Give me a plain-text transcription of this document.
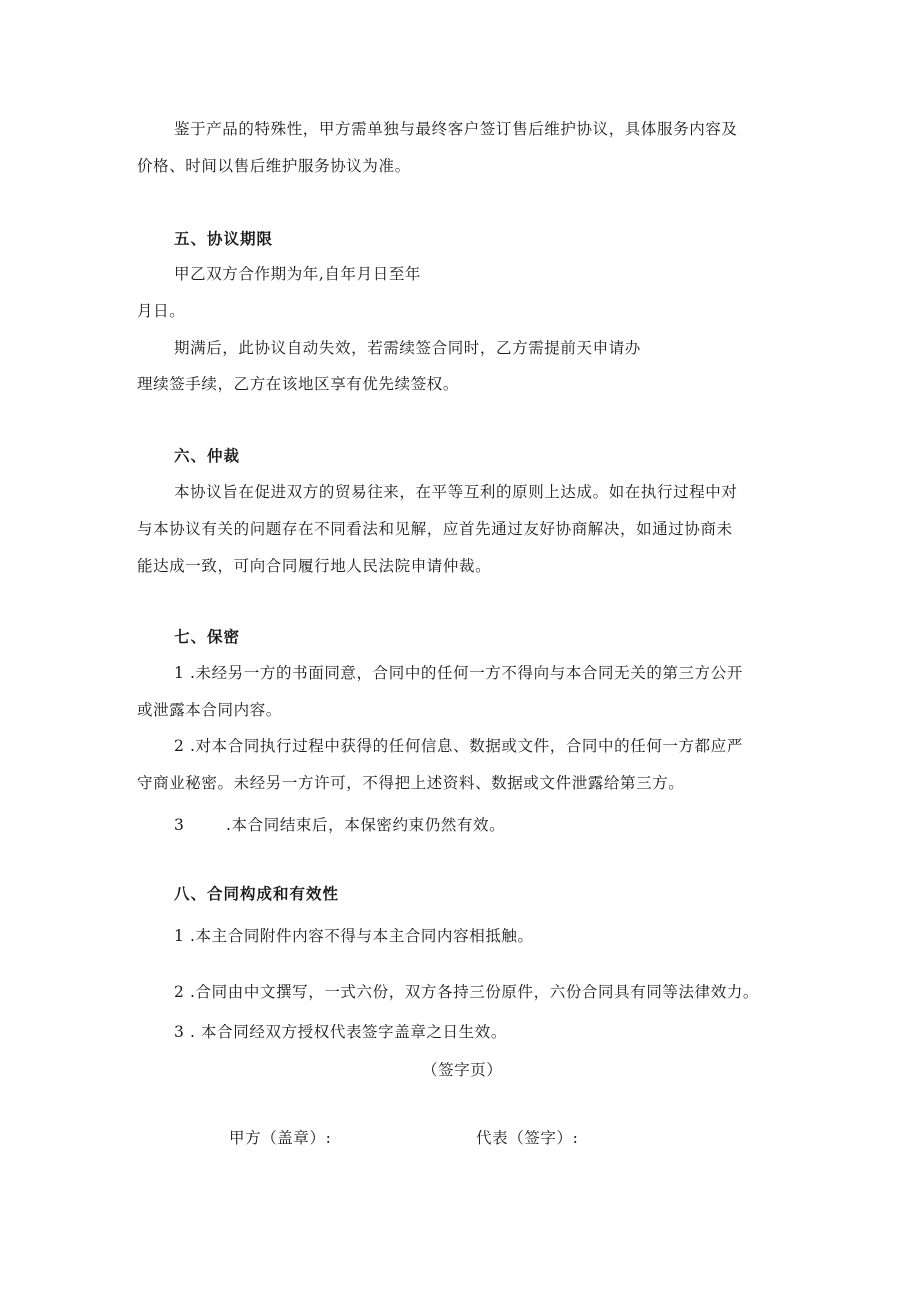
鉴于产品的特殊性，甲方需单独与最终客户签订售后维护协议，具体服务内容及
价格、时间以售后维护服务协议为准。
五、协议期限
甲乙双方合作期为年,自年月日至年
月日。
期满后，此协议自动失效，若需续签合同时，乙方需提前天申请办
理续签手续，乙方在该地区享有优先续签权。
六、仲裁
本协议旨在促进双方的贸易往来，在平等互利的原则上达成。如在执行过程中对
与本协议有关的问题存在不同看法和见解，应首先通过友好协商解决，如通过协商未
能达成一致，可向合同履行地人民法院申请仲裁。
七、保密
1 .未经另一方的书面同意，合同中的任何一方不得向与本合同无关的第三方公开
或泄露本合同内容。
2 .对本合同执行过程中获得的任何信息、数据或文件，合同中的任何一方都应严
守商业秘密。未经另一方许可，不得把上述资料、数据或文件泄露给第三方。
3	.本合同结束后，本保密约束仍然有效。
八、合同构成和有效性
1 .本主合同附件内容不得与本主合同内容相抵触。
2 .合同由中文撰写，一式六份，双方各持三份原件，六份合同具有同等法律效力。
3 . 本合同经双方授权代表签字盖章之日生效。
（签字页）
甲方（盖章）:	代表（签字）:
